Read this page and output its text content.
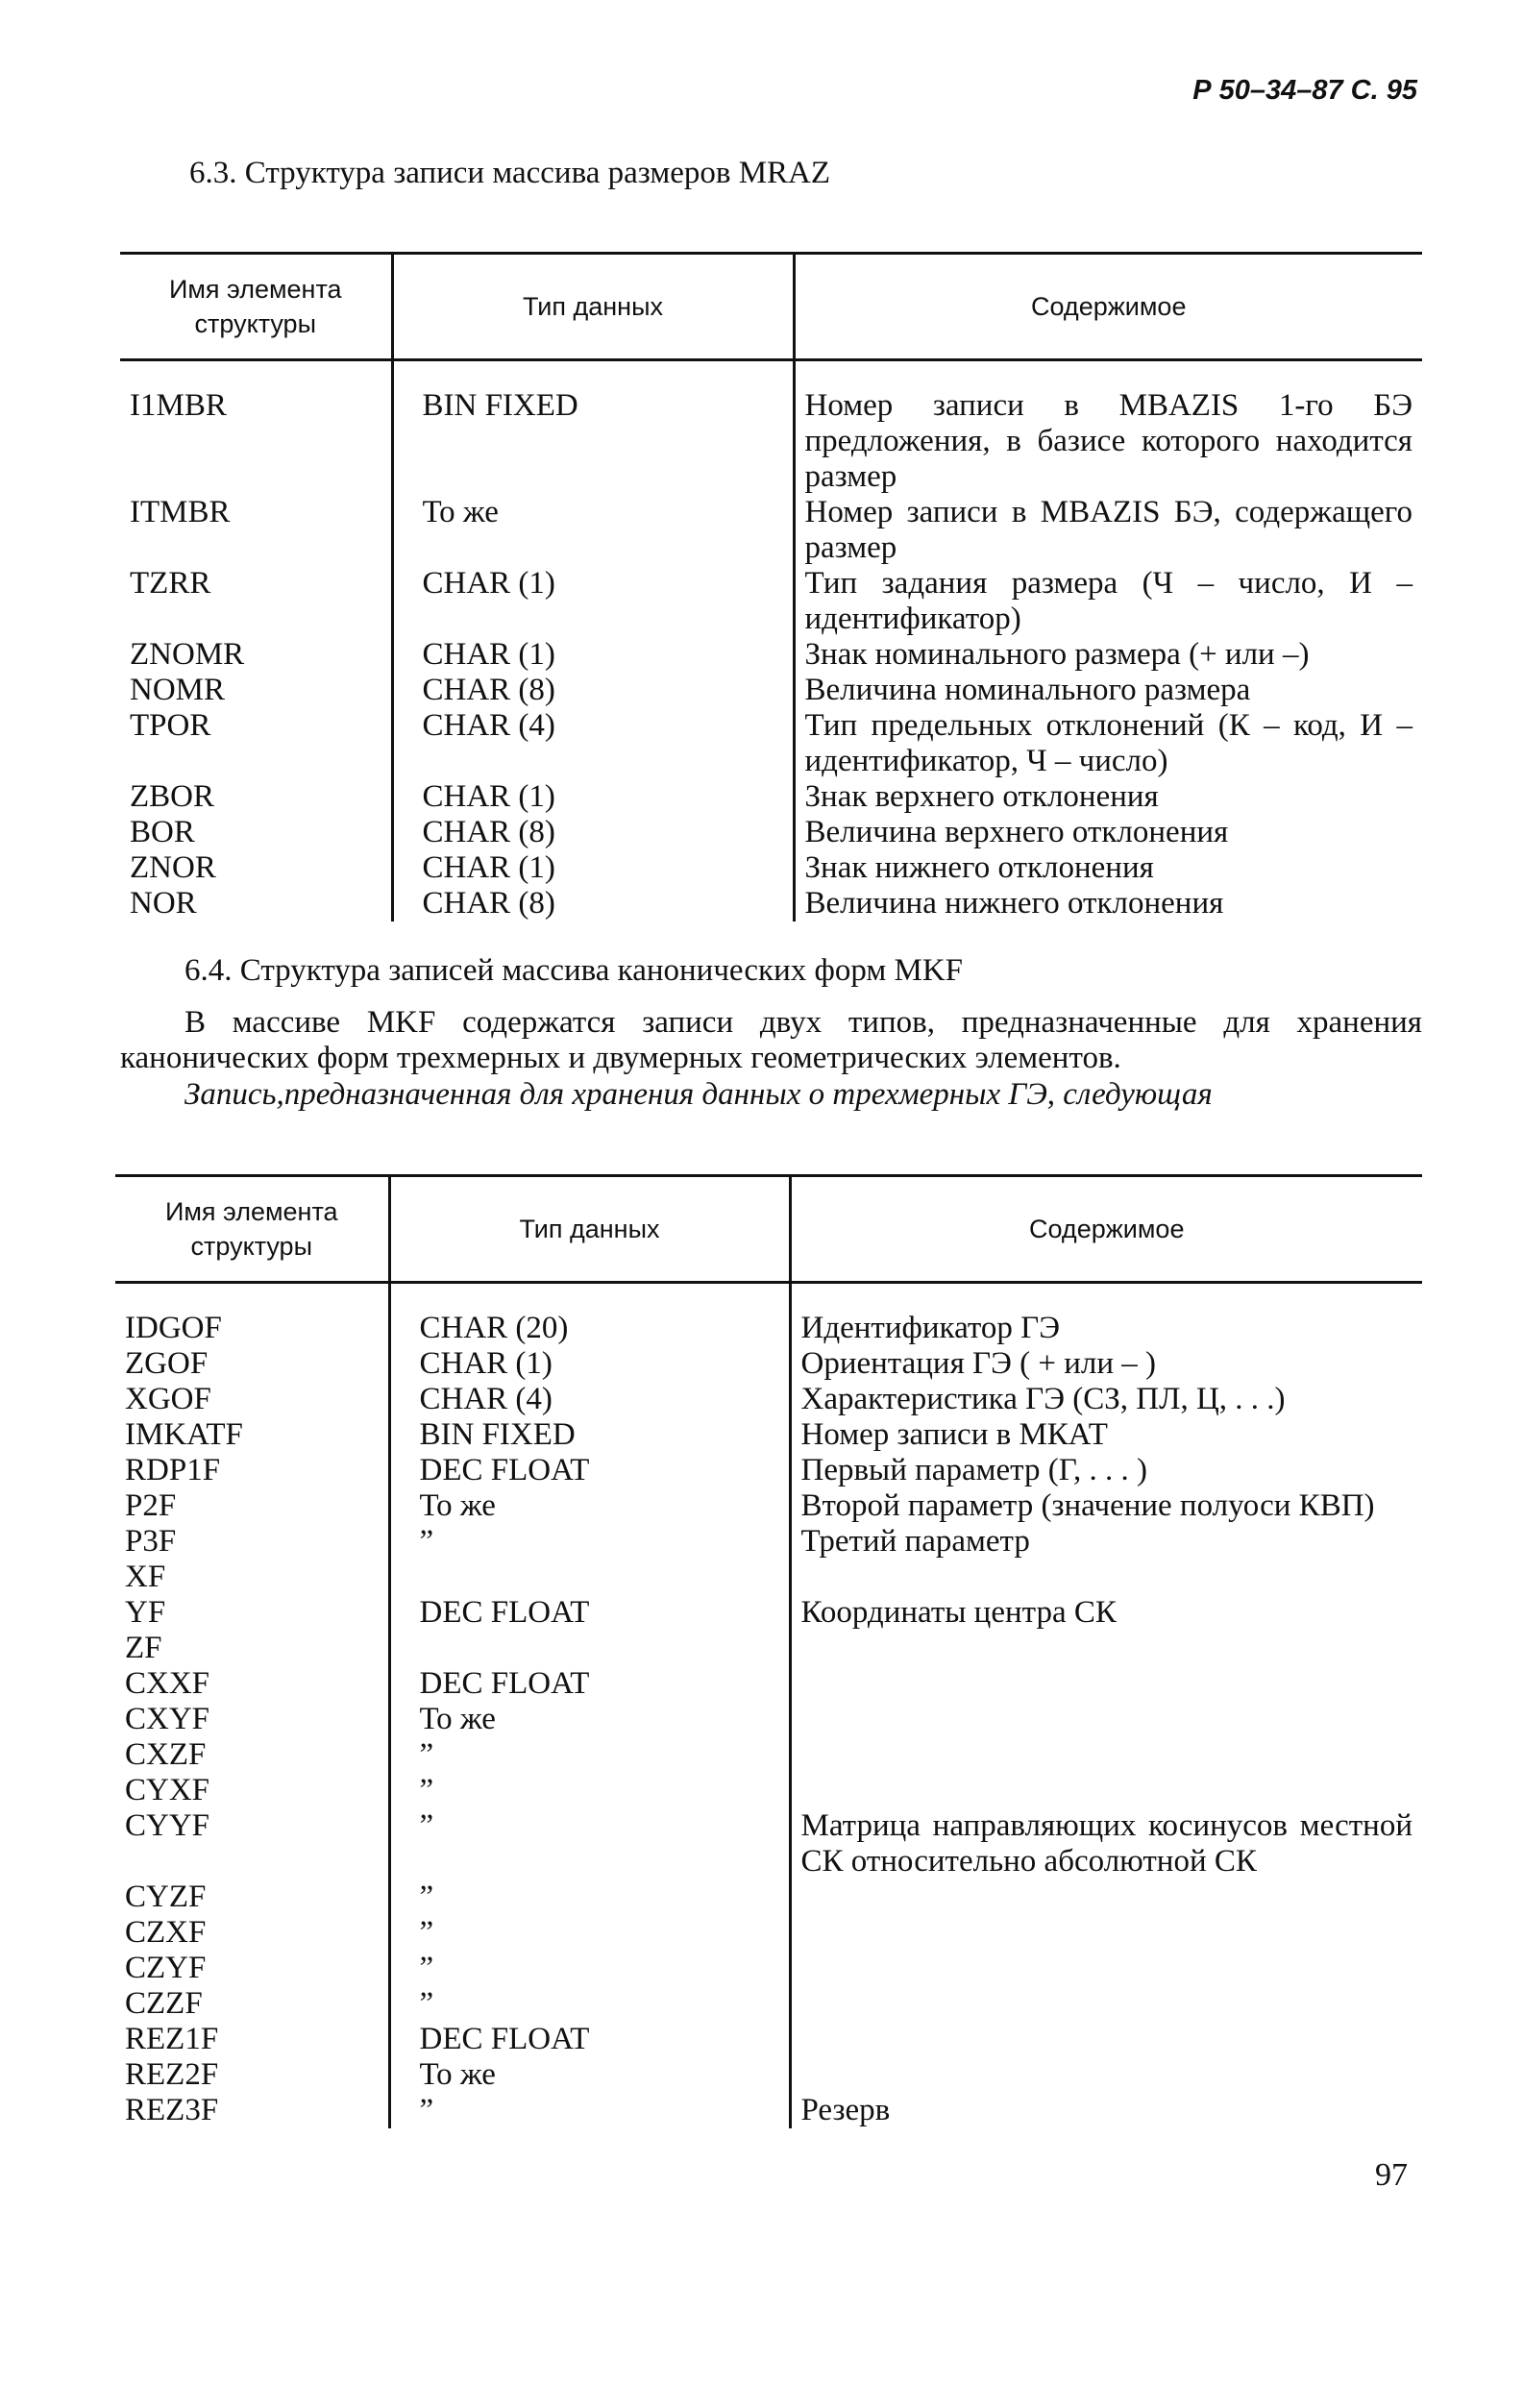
Р 50–34–87 С. 95
6.3. Структура записи массива размеров MRAZ
Имя элемента структуры	Тип данных	Содержимое
I1MBR	BIN FIXED	Номер записи в MBAZIS 1-го БЭ предложения, в базисе которого находится размер
ITMBR	То же	Номер записи в MBAZIS БЭ, содержащего размер
TZRR	CHAR (1)	Тип задания размера (Ч – число, И – идентификатор)
ZNOMR	CHAR (1)	Знак номинального размера (+ или –)
NOMR	CHAR (8)	Величина номинального размера
TPOR	CHAR (4)	Тип предельных отклонений (К – код, И – идентификатор, Ч – число)
ZBOR	CHAR (1)	Знак верхнего отклонения
BOR	CHAR (8)	Величина верхнего отклонения
ZNOR	CHAR (1)	Знак нижнего отклонения
NOR	CHAR (8)	Величина нижнего отклонения
6.4. Структура записей массива канонических форм MKF
В массиве MKF содержатся записи двух типов, предназначенные для хранения канонических форм трехмерных и двумерных геометрических элементов.
Запись,предназначенная для хранения данных о трехмерных ГЭ, следующая
Имя элемента структуры	Тип данных	Содержимое
IDGOF	CHAR (20)	Идентификатор ГЭ
ZGOF	CHAR (1)	Ориентация ГЭ ( + или – )
XGOF	CHAR (4)	Характеристика ГЭ (СЗ, ПЛ, Ц, . . .)
IMKATF	BIN FIXED	Номер записи в МКАТ
RDP1F	DEC FLOAT	Первый параметр (Г, . . . )
P2F	То же	Второй параметр (значение полуоси КВП)
P3F	”	Третий параметр
XF		
YF	DEC FLOAT	Координаты центра СК
ZF		
CXXF	DEC FLOAT	
CXYF	То же	
CXZF	”	
CYXF	”	
CYYF	”	Матрица направляющих косинусов местной СК относительно абсолютной СК
CYZF	”	
CZXF	”	
CZYF	”	
CZZF	”	
REZ1F	DEC FLOAT	
REZ2F	То же	
REZ3F	”	Резерв
97
